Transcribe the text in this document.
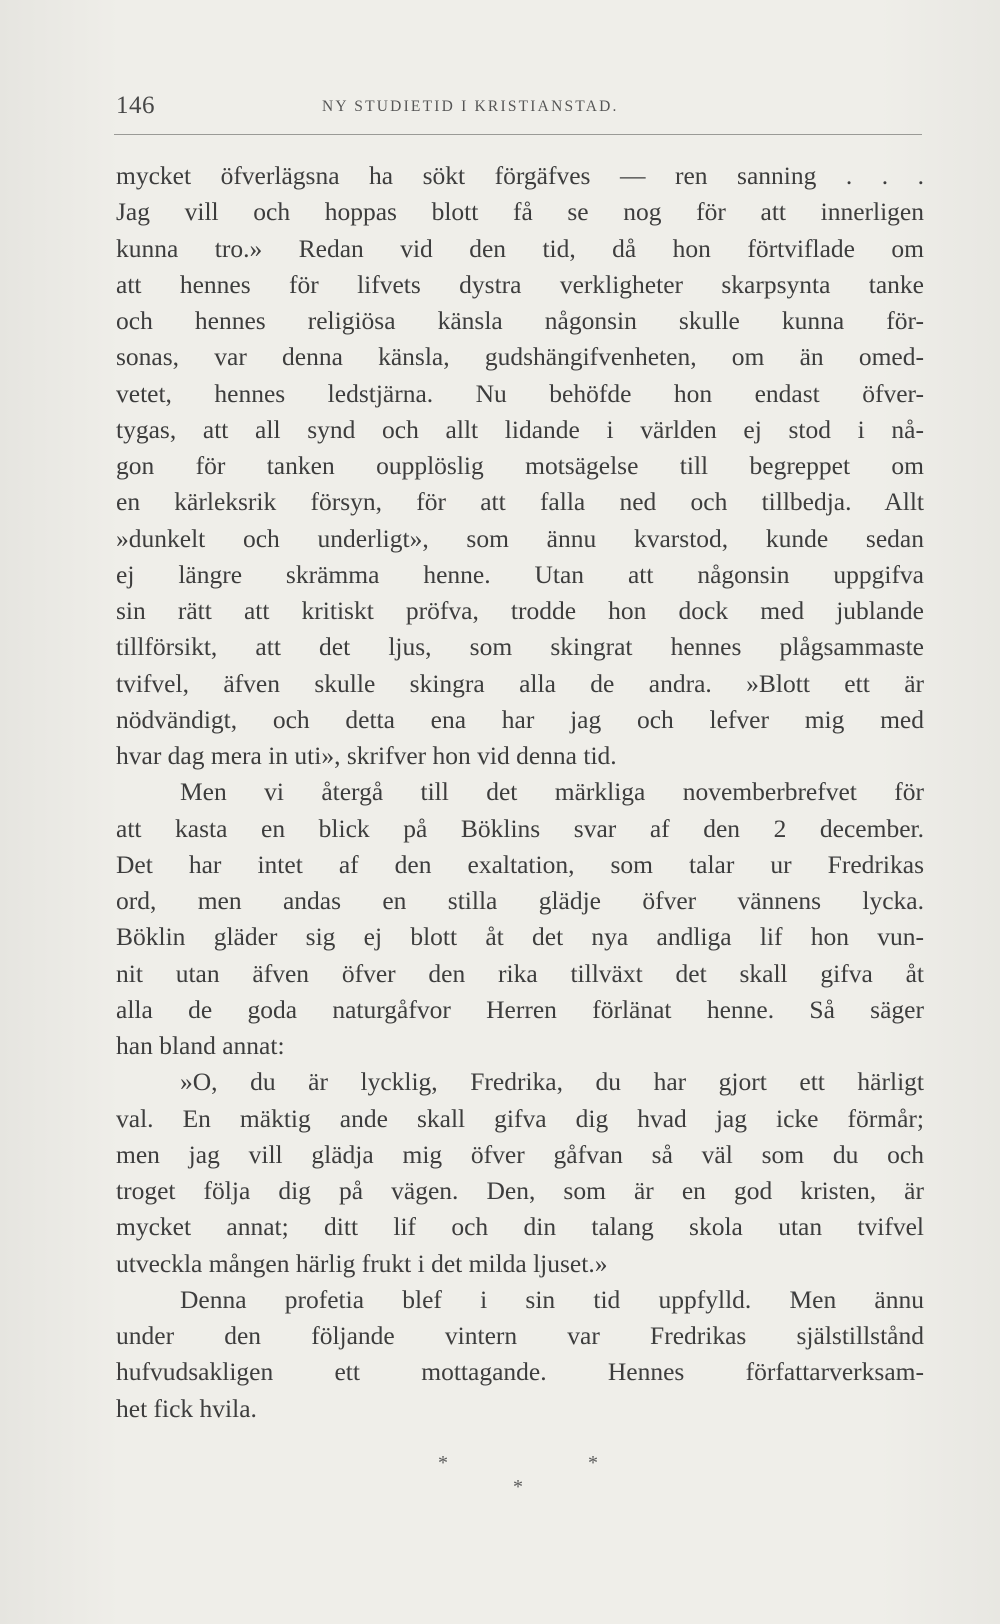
146	NY STUDIETID I KRISTIANSTAD.
mycket öfverlägsna ha sökt förgäfves — ren sanning . . .
Jag vill och hoppas blott få se nog för att innerligen
kunna tro.» Redan vid den tid, då hon förtviflade om
att hennes för lifvets dystra verkligheter skarpsynta tanke
och hennes religiösa känsla någonsin skulle kunna för-
sonas, var denna känsla, gudshängifvenheten, om än omed-
vetet, hennes ledstjärna. Nu behöfde hon endast öfver-
tygas, att all synd och allt lidande i världen ej stod i nå-
gon för tanken oupplöslig motsägelse till begreppet om
en kärleksrik försyn, för att falla ned och tillbedja. Allt
»dunkelt och underligt», som ännu kvarstod, kunde sedan
ej längre skrämma henne. Utan att någonsin uppgifva
sin rätt att kritiskt pröfva, trodde hon dock med jublande
tillförsikt, att det ljus, som skingrat hennes plågsammaste
tvifvel, äfven skulle skingra alla de andra. »Blott ett är
nödvändigt, och detta ena har jag och lefver mig med
hvar dag mera in uti», skrifver hon vid denna tid.
Men vi återgå till det märkliga novemberbrefvet för
att kasta en blick på Böklins svar af den 2 december.
Det har intet af den exaltation, som talar ur Fredrikas
ord, men andas en stilla glädje öfver vännens lycka.
Böklin gläder sig ej blott åt det nya andliga lif hon vun-
nit utan äfven öfver den rika tillväxt det skall gifva åt
alla de goda naturgåfvor Herren förlänat henne. Så säger
han bland annat:
»O, du är lycklig, Fredrika, du har gjort ett härligt
val. En mäktig ande skall gifva dig hvad jag icke förmår;
men jag vill glädja mig öfver gåfvan så väl som du och
troget följa dig på vägen. Den, som är en god kristen, är
mycket annat; ditt lif och din talang skola utan tvifvel
utveckla mången härlig frukt i det milda ljuset.»
Denna profetia blef i sin tid uppfylld. Men ännu
under den följande vintern var Fredrikas själstillstånd
hufvudsakligen ett mottagande. Hennes författarverksam-
het fick hvila.
*	*
*
